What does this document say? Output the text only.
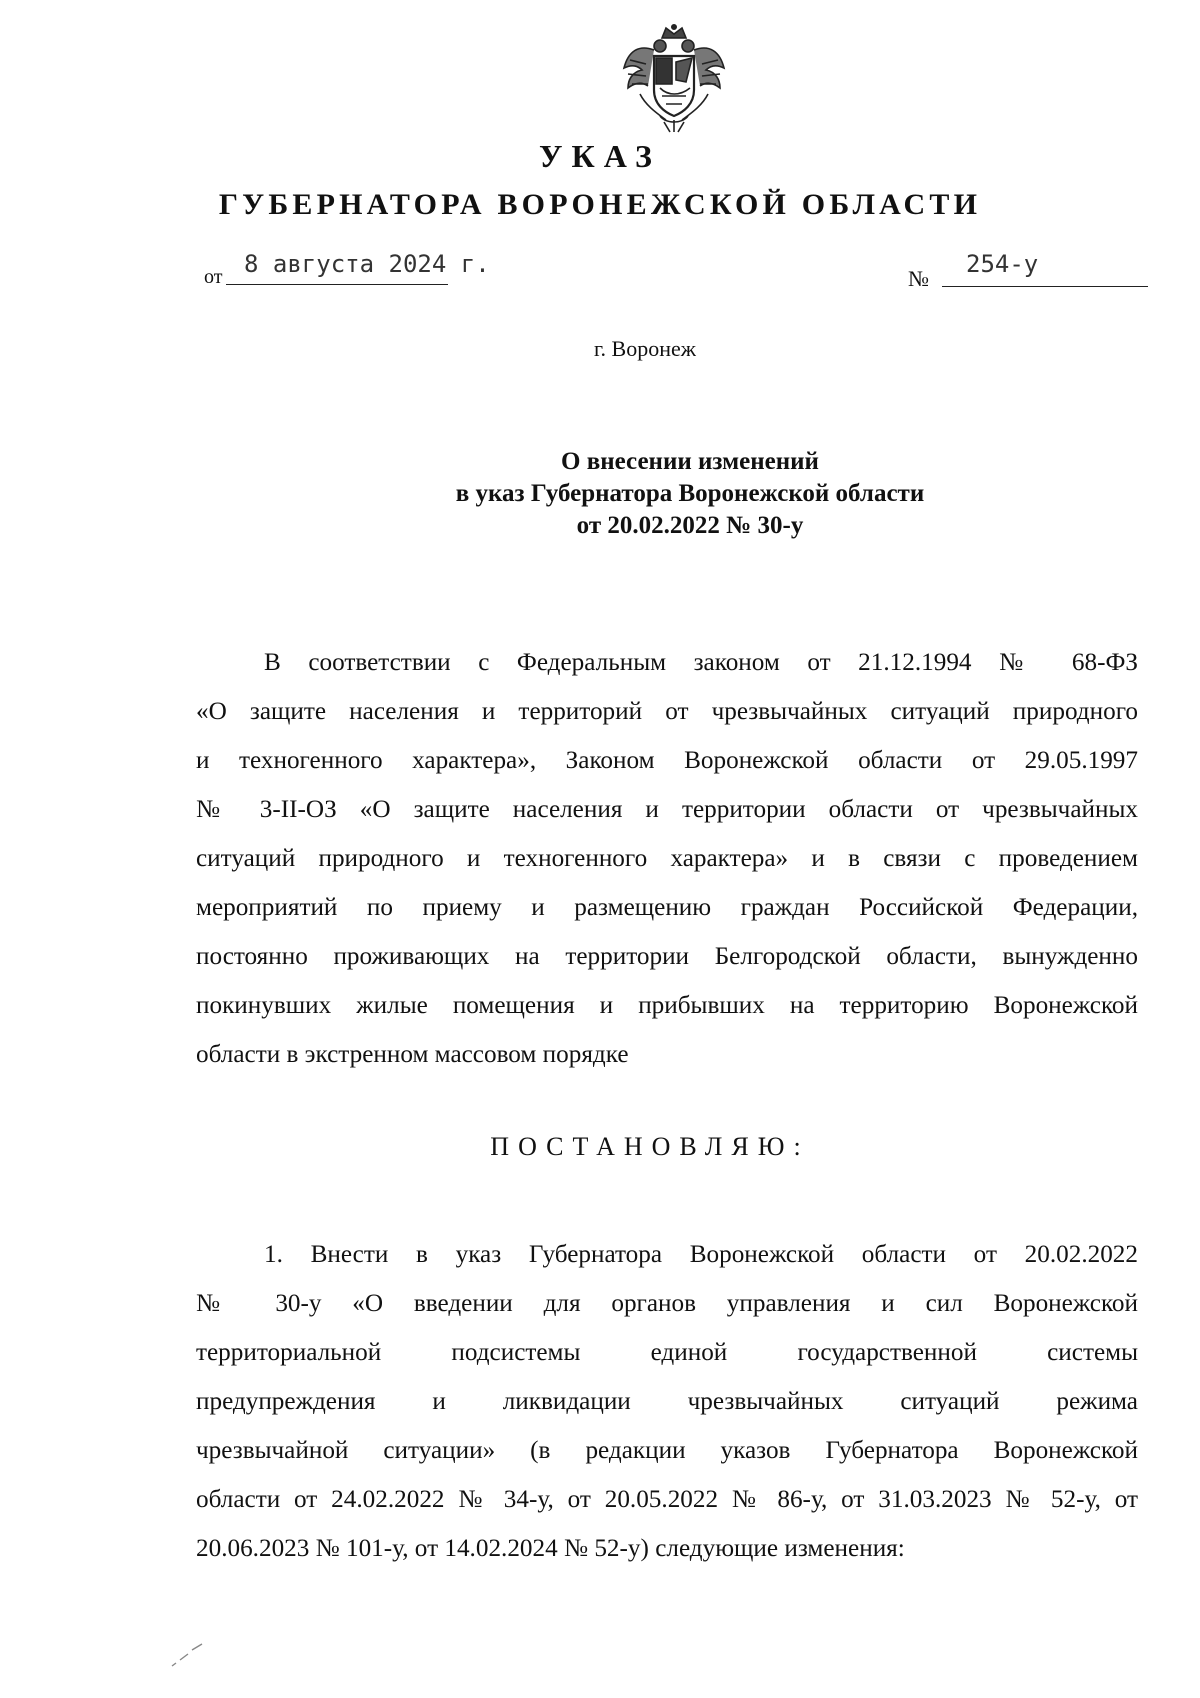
УКАЗ
ГУБЕРНАТОРА ВОРОНЕЖСКОЙ ОБЛАСТИ
от 8 августа 2024 г.
№
254-у
г. Воронеж
О внесении изменений
в указ Губернатора Воронежской области
от 20.02.2022 № 30-у
В соответствии с Федеральным законом от 21.12.1994 № 68-ФЗ
«О защите населения и территорий от чрезвычайных ситуаций природного
и техногенного характера», Законом Воронежской области от 29.05.1997
№ 3-II-ОЗ «О защите населения и территории области от чрезвычайных
ситуаций природного и техногенного характера» и в связи с проведением
мероприятий по приему и размещению граждан Российской Федерации,
постоянно проживающих на территории Белгородской области, вынужденно
покинувших жилые помещения и прибывших на территорию Воронежской
области в экстренном массовом порядке
ПОСТАНОВЛЯЮ:
1. Внести в указ Губернатора Воронежской области от 20.02.2022
№ 30-у «О введении для органов управления и сил Воронежской
территориальной подсистемы единой государственной системы
предупреждения и ликвидации чрезвычайных ситуаций режима
чрезвычайной ситуации» (в редакции указов Губернатора Воронежской
области от 24.02.2022 № 34-у, от 20.05.2022 № 86-у, от 31.03.2023 № 52-у, от
20.06.2023 № 101-у, от 14.02.2024 № 52-у) следующие изменения:
